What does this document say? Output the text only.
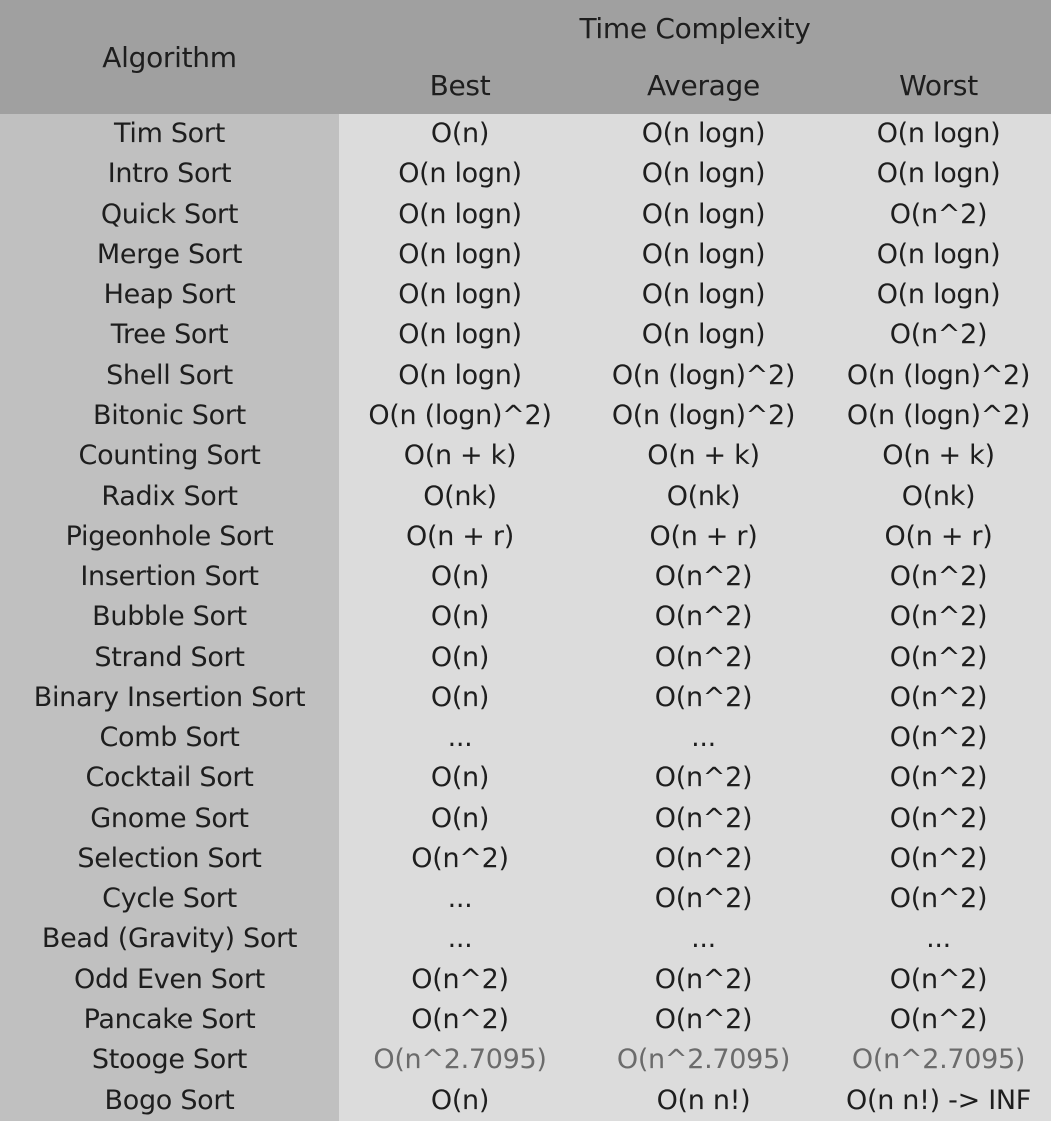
Algorithm	Time Complexity		
	Best	Average	Worst
Tim Sort	O(n)	O(n logn)	O(n logn)
Intro Sort	O(n logn)	O(n logn)	O(n logn)
Quick Sort	O(n logn)	O(n logn)	O(n^2)
Merge Sort	O(n logn)	O(n logn)	O(n logn)
Heap Sort	O(n logn)	O(n logn)	O(n logn)
Tree Sort	O(n logn)	O(n logn)	O(n^2)
Shell Sort	O(n logn)	O(n (logn)^2)	O(n (logn)^2)
Bitonic Sort	O(n (logn)^2)	O(n (logn)^2)	O(n (logn)^2)
Counting Sort	O(n + k)	O(n + k)	O(n + k)
Radix Sort	O(nk)	O(nk)	O(nk)
Pigeonhole Sort	O(n + r)	O(n + r)	O(n + r)
Insertion Sort	O(n)	O(n^2)	O(n^2)
Bubble Sort	O(n)	O(n^2)	O(n^2)
Strand Sort	O(n)	O(n^2)	O(n^2)
Binary Insertion Sort	O(n)	O(n^2)	O(n^2)
Comb Sort	...	...	O(n^2)
Cocktail Sort	O(n)	O(n^2)	O(n^2)
Gnome Sort	O(n)	O(n^2)	O(n^2)
Selection Sort	O(n^2)	O(n^2)	O(n^2)
Cycle Sort	...	O(n^2)	O(n^2)
Bead (Gravity) Sort	...	...	...
Odd Even Sort	O(n^2)	O(n^2)	O(n^2)
Pancake Sort	O(n^2)	O(n^2)	O(n^2)
Stooge Sort	O(n^2.7095)	O(n^2.7095)	O(n^2.7095)
Bogo Sort	O(n)	O(n n!)	O(n n!) -> INF
